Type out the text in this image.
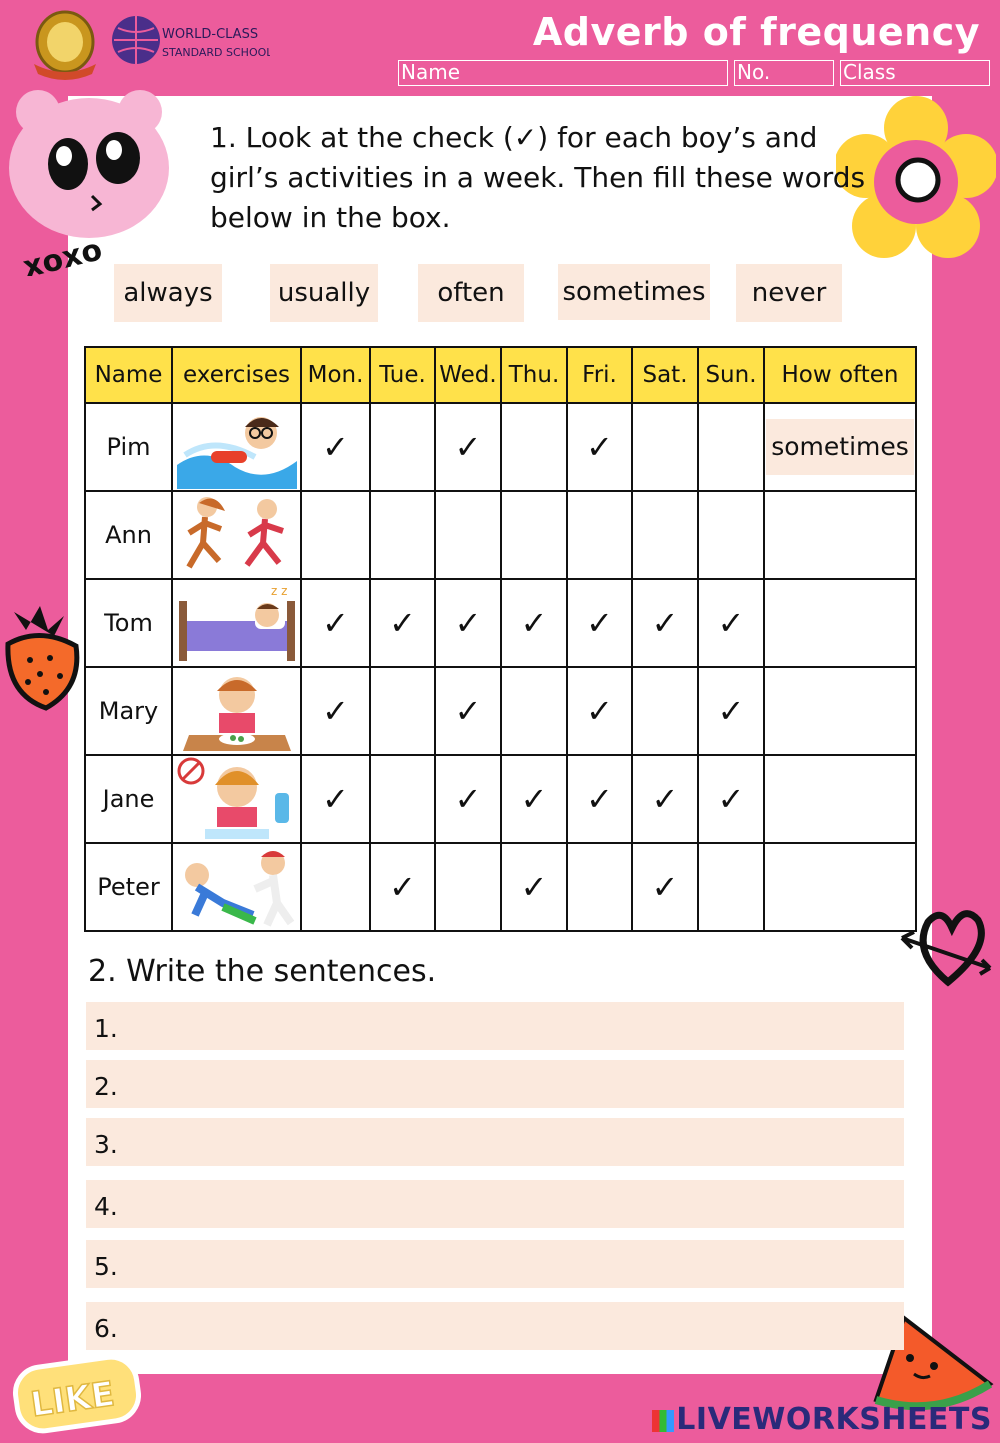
WORLD-CLASS
STANDARD SCHOOL	Adverb of frequency
Name	No.	Class
xoxo
LIKE
1. Look at the check (✓) for each boy’s and girl’s activities in a week. Then fill these words below in the box.
always	usually	often	sometimes	never
Name	exercises	Mon.	Tue.	Wed.	Thu.	Fri.	Sat.	Sun.	How often
Pim		✓		✓		✓			sometimes
Ann	

Tom	z z	✓	✓	✓	✓	✓	✓	✓	
Mary		✓		✓		✓		✓	
Jane		✓		✓	✓	✓	✓	✓	
Peter			✓		✓		✓		
2. Write the sentences.
1.
2.
3.
4.
5.
6.
LIVEWORKSHEETS
